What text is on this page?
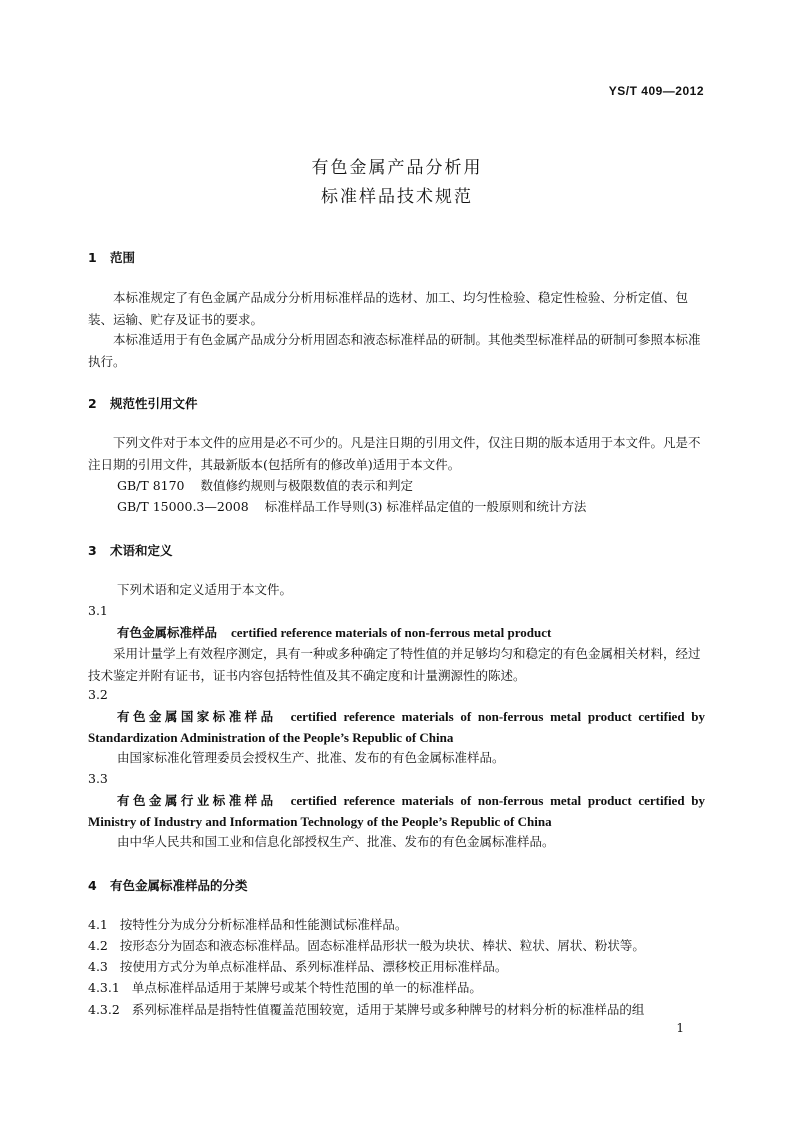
YS/T 409—2012
有色金属产品分析用
标准样品技术规范
1 范围
本标准规定了有色金属产品成分分析用标准样品的选材、加工、均匀性检验、稳定性检验、分析定值、包装、运输、贮存及证书的要求。
本标准适用于有色金属产品成分分析用固态和液态标准样品的研制。其他类型标准样品的研制可参照本标准执行。
2 规范性引用文件
下列文件对于本文件的应用是必不可少的。凡是注日期的引用文件，仅注日期的版本适用于本文件。凡是不注日期的引用文件，其最新版本(包括所有的修改单)适用于本文件。
GB/T 8170 数值修约规则与极限数值的表示和判定
GB/T 15000.3—2008 标准样品工作导则(3) 标准样品定值的一般原则和统计方法
3 术语和定义
下列术语和定义适用于本文件。
3.1
有色金属标准样品 certified reference materials of non-ferrous metal product
采用计量学上有效程序测定，具有一种或多种确定了特性值的并足够均匀和稳定的有色金属相关材料，经过技术鉴定并附有证书，证书内容包括特性值及其不确定度和计量溯源性的陈述。
3.2
有色金属国家标准样品 certified reference materials of non-ferrous metal product certified by
Standardization Administration of the People’s Republic of China
由国家标准化管理委员会授权生产、批准、发布的有色金属标准样品。
3.3
有色金属行业标准样品 certified reference materials of non-ferrous metal product certified by
Ministry of Industry and Information Technology of the People’s Republic of China
由中华人民共和国工业和信息化部授权生产、批准、发布的有色金属标准样品。
4 有色金属标准样品的分类
4.1 按特性分为成分分析标准样品和性能测试标准样品。
4.2 按形态分为固态和液态标准样品。固态标准样品形状一般为块状、棒状、粒状、屑状、粉状等。
4.3 按使用方式分为单点标准样品、系列标准样品、漂移校正用标准样品。
4.3.1 单点标准样品适用于某牌号或某个特性范围的单一的标准样品。
4.3.2 系列标准样品是指特性值覆盖范围较宽，适用于某牌号或多种牌号的材料分析的标准样品的组
1
